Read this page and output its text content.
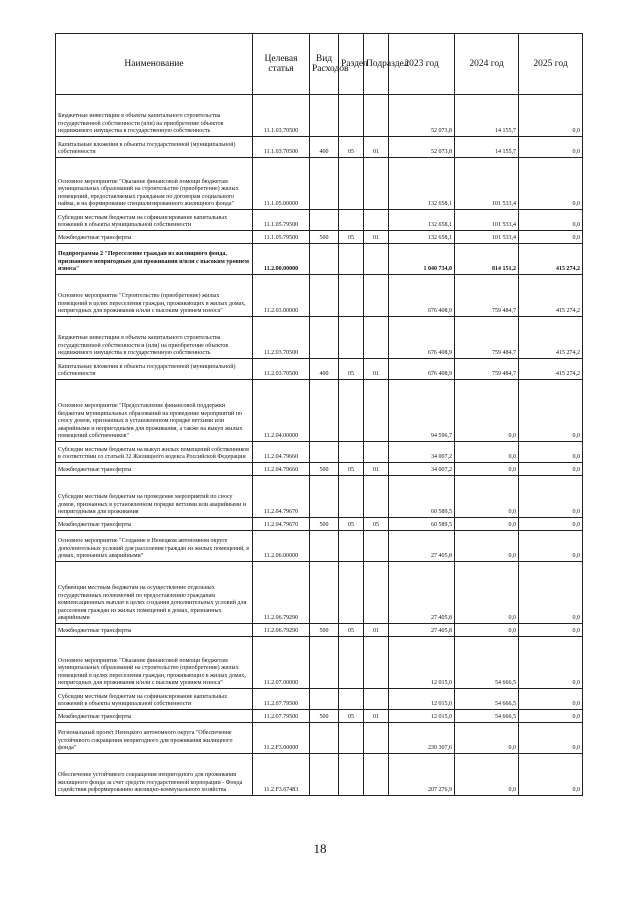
Наименование	Целевая статья	Вид Расходов	Раздел	Подраздел	2023 год	2024 год	2025 год
Бюджетные инвестиции в объекты капитального строительства государственной собственности (или) на приобретение объектов недвижимого имущества в государственную собственность	11.1.03.70500				52 073,8	14 155,7	0,0
Капитальные вложения в объекты государственной (муниципальной) собственности	11.1.03.70500	400	05	01	52 073,8	14 155,7	0,0
Основное мероприятие "Оказание финансовой помощи бюджетам муниципальных образований на строительство (приобретение) жилых помещений, предоставляемых гражданам по договорам социального найма, и на формирование специализированного жилищного фонда"	11.1.05.00000				132 658,1	101 533,4	0,0
Субсидии местным бюджетам на софинансирование капитальных вложений в объекты муниципальной собственности	11.1.05.79500				132 658,1	101 533,4	0,0
Межбюджетные трансферты	11.1.05.79500	500	05	01	132 658,1	101 533,4	0,0
Подпрограмма 2 "Переселение граждан из жилищного фонда, признанного непригодным для проживания и/или с высоким уровнем износа"	11.2.00.00000				1 040 734,0	814 151,2	415 274,2
Основное мероприятие "Строительство (приобретение) жилых помещений в целях переселения граждан, проживающих в жилых домах, непригодных для проживания и/или с высоким уровнем износа"	11.2.03.00000				676 408,9	759 484,7	415 274,2
Бюджетные инвестиции в объекты капитального строительства государственной собственности и (или) на приобретение объектов недвижимого имущества в государственную собственность	11.2.03.70500				676 408,9	759 484,7	415 274,2
Капитальные вложения в объекты государственной (муниципальной) собственности	11.2.03.70500	400	05	01	676 408,9	759 484,7	415 274,2
Основное мероприятие "Предоставление финансовой поддержки бюджетам муниципальных образований на проведение мероприятий по сносу домов, признанных в установленном порядке ветхими или аварийными и непригодными для проживания, а также на выкуп жилых помещений собственников"	11.2.04.00000				94 596,7	0,0	0,0
Субсидии местным бюджетам на выкуп жилых помещений собственников в соответствии со статьей 32 Жилищного кодекса Российской Федерации	11.2.04.79660				34 007,2	0,0	0,0
Межбюджетные трансферты	11.2.04.79660	500	05	01	34 007,2	0,0	0,0
Субсидии местным бюджетам на проведение мероприятий по сносу домов, признанных в установленном порядке ветхими или аварийными и непригодными для проживания	11.2.04.79670				60 589,5	0,0	0,0
Межбюджетные трансферты	11.2.04.79670	500	05	05	60 589,5	0,0	0,0
Основное мероприятие "Создание в Ненецком автономном округе дополнительных условий для расселения граждан из жилых помещений, в домах, признанных аварийными"	11.2.06.00000				27 405,8	0,0	0,0
Субвенции местным бюджетам на осуществление отдельных государственных полномочий по предоставлению гражданам компенсационных выплат в целях создания дополнительных условий для расселения граждан из жилых помещений в домах, признанных аварийными	11.2.06.79290				27 405,8	0,0	0,0
Межбюджетные трансферты	11.2.06.79290	500	05	01	27 405,8	0,0	0,0
Основное мероприятие "Оказание финансовой помощи бюджетам муниципальных образований на строительство (приобретение) жилых помещений в целях переселения граждан, проживающих в жилых домах, непригодных для проживания и/или с высоким уровнем износа"	11.2.07.00000				12 015,0	54 666,5	0,0
Субсидии местным бюджетам на софинансирование капитальных вложений в объекты муниципальной собственности	11.2.07.79500				12 015,0	54 666,5	0,0
Межбюджетные трансферты	11.2.07.79500	500	05	01	12 015,0	54 666,5	0,0
Региональный проект Ненецкого автономного округа "Обеспечение устойчивого сокращения непригодного для проживания жилищного фонда"	11.2.F3.00000				230 307,6	0,0	0,0
Обеспечение устойчивого сокращения непригодного для проживания жилищного фонда за счет средств государственной корпорации - Фонда содействия реформированию жилищно-коммунального хозяйства	11.2.F3.67483				207 276,9	0,0	0,0
18
